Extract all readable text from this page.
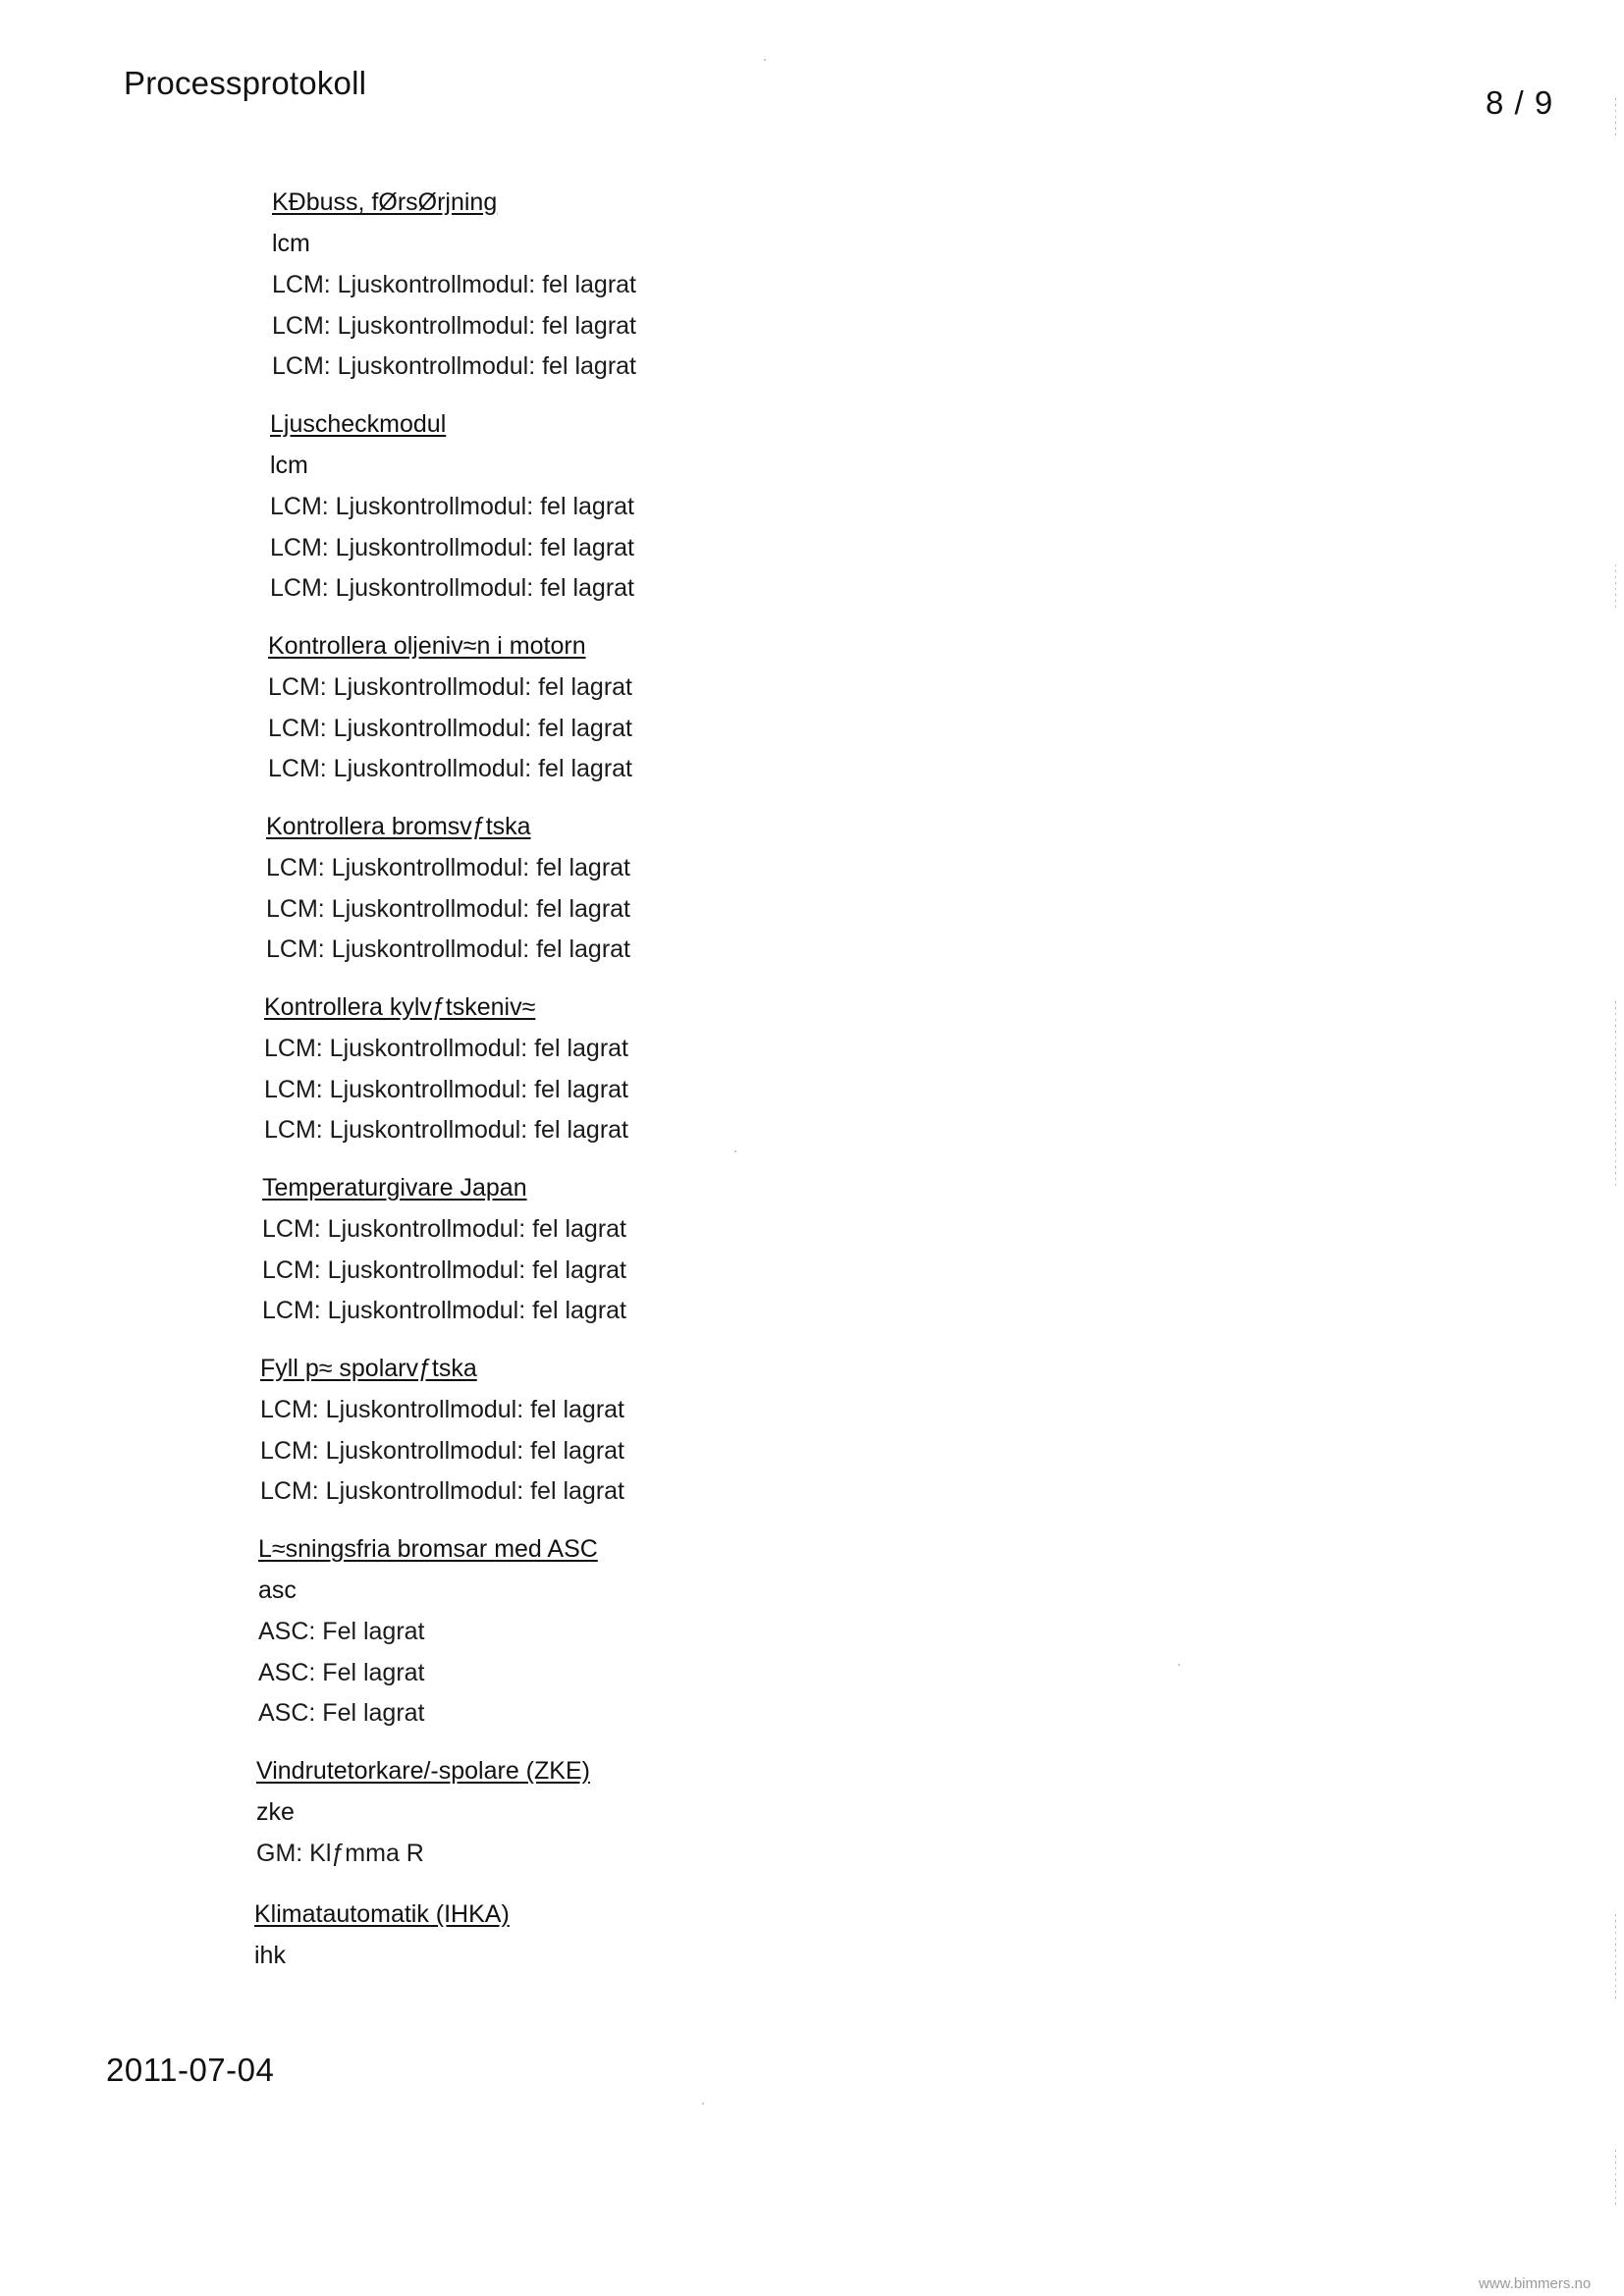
Processprotokoll
8 / 9
KƉbuss, fØrsØrjning
lcm
LCM: Ljuskontrollmodul: fel lagrat
LCM: Ljuskontrollmodul: fel lagrat
LCM: Ljuskontrollmodul: fel lagrat
Ljuscheckmodul
lcm
LCM: Ljuskontrollmodul: fel lagrat
LCM: Ljuskontrollmodul: fel lagrat
LCM: Ljuskontrollmodul: fel lagrat
Kontrollera oljeniv≈n i motorn
LCM: Ljuskontrollmodul: fel lagrat
LCM: Ljuskontrollmodul: fel lagrat
LCM: Ljuskontrollmodul: fel lagrat
Kontrollera bromsvƒtska
LCM: Ljuskontrollmodul: fel lagrat
LCM: Ljuskontrollmodul: fel lagrat
LCM: Ljuskontrollmodul: fel lagrat
Kontrollera kylvƒtskeniv≈
LCM: Ljuskontrollmodul: fel lagrat
LCM: Ljuskontrollmodul: fel lagrat
LCM: Ljuskontrollmodul: fel lagrat
Temperaturgivare Japan
LCM: Ljuskontrollmodul: fel lagrat
LCM: Ljuskontrollmodul: fel lagrat
LCM: Ljuskontrollmodul: fel lagrat
Fyll p≈ spolarvƒtska
LCM: Ljuskontrollmodul: fel lagrat
LCM: Ljuskontrollmodul: fel lagrat
LCM: Ljuskontrollmodul: fel lagrat
L≈sningsfria bromsar med ASC
asc
ASC: Fel lagrat
ASC: Fel lagrat
ASC: Fel lagrat
Vindrutetorkare/-spolare (ZKE)
zke
GM: Klƒmma R
Klimatautomatik (IHKA)
ihk
2011-07-04
www.bimmers.no
